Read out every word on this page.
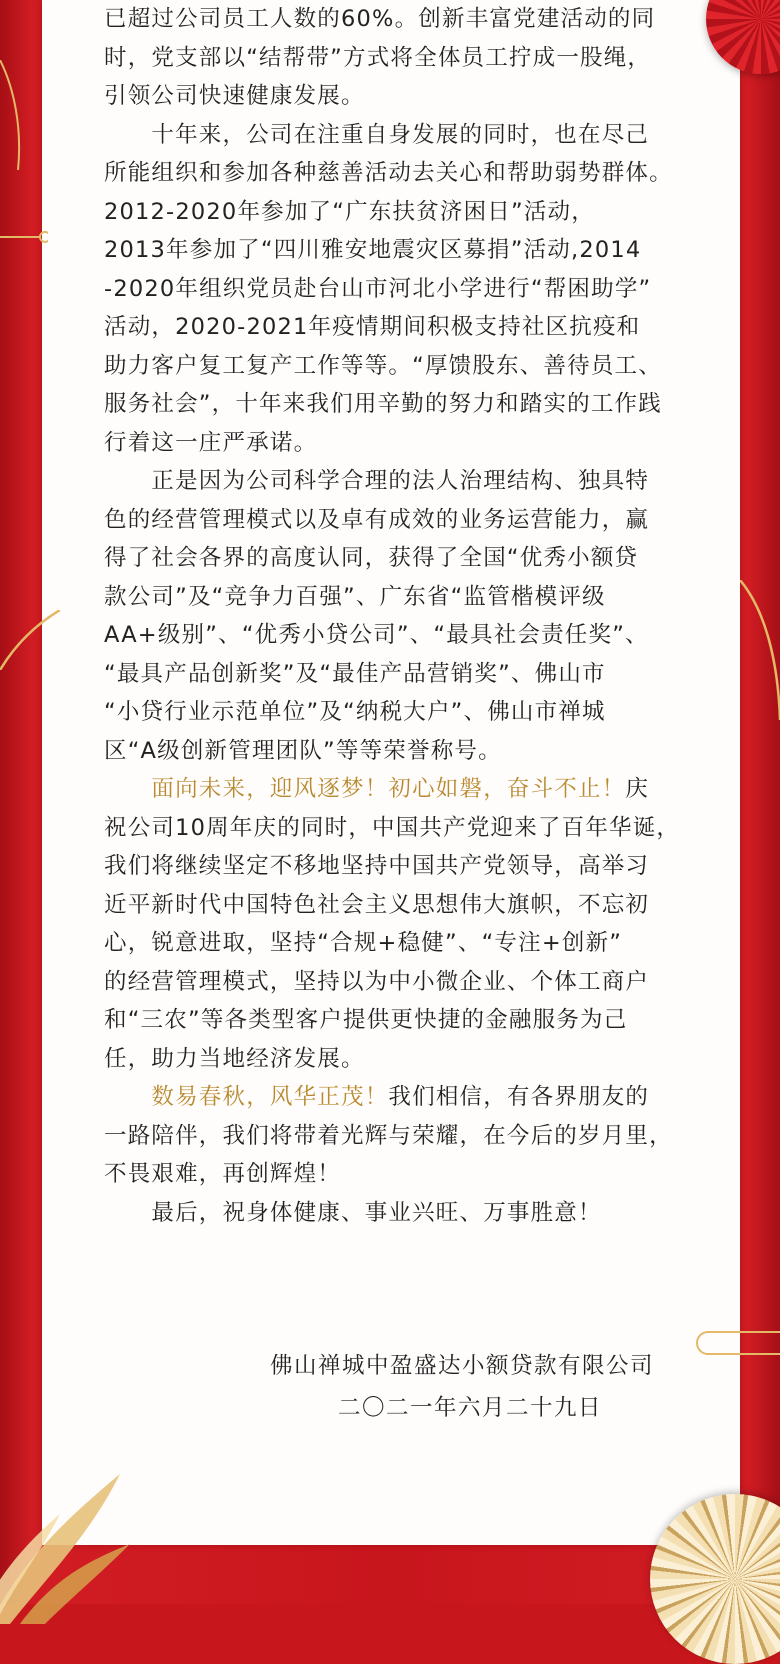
已超过公司员工人数的60%。创新丰富党建活动的同

时，党支部以“结帮带”方式将全体员工拧成一股绳，

引领公司快速健康发展。

　　十年来，公司在注重自身发展的同时，也在尽己

所能组织和参加各种慈善活动去关心和帮助弱势群体。

2012-2020年参加了“广东扶贫济困日”活动，

2013年参加了“四川雅安地震灾区募捐”活动,2014

-2020年组织党员赴台山市河北小学进行“帮困助学”

活动，2020-2021年疫情期间积极支持社区抗疫和

助力客户复工复产工作等等。“厚馈股东、善待员工、

服务社会”，十年来我们用辛勤的努力和踏实的工作践

行着这一庄严承诺。

　　正是因为公司科学合理的法人治理结构、独具特

色的经营管理模式以及卓有成效的业务运营能力，赢

得了社会各界的高度认同，获得了全国“优秀小额贷

款公司”及“竞争力百强”、广东省“监管楷模评级

AA+级别”、“优秀小贷公司”、“最具社会责任奖”、

“最具产品创新奖”及“最佳产品营销奖”、佛山市

“小贷行业示范单位”及“纳税大户”、佛山市禅城

区“A级创新管理团队”等等荣誉称号。

　　面向未来，迎风逐梦！初心如磐，奋斗不止！庆

祝公司10周年庆的同时，中国共产党迎来了百年华诞，

我们将继续坚定不移地坚持中国共产党领导，高举习

近平新时代中国特色社会主义思想伟大旗帜，不忘初

心，锐意进取，坚持“合规+稳健”、“专注+创新”

的经营管理模式，坚持以为中小微企业、个体工商户

和“三农”等各类型客户提供更快捷的金融服务为己

任，助力当地经济发展。

　　数易春秋，风华正茂！我们相信，有各界朋友的

一路陪伴，我们将带着光辉与荣耀，在今后的岁月里，

不畏艰难，再创辉煌！

　　最后，祝身体健康、事业兴旺、万事胜意！

佛山禅城中盈盛达小额贷款有限公司
二〇二一年六月二十九日
